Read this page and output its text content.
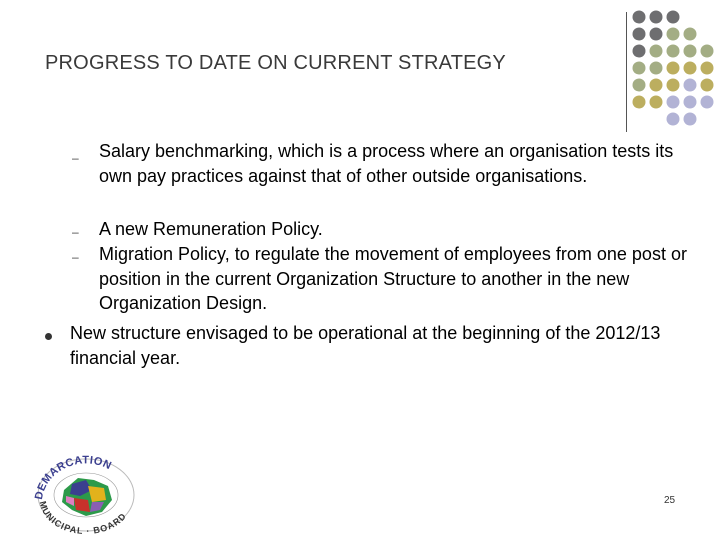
PROGRESS TO DATE ON CURRENT STRATEGY
– Salary benchmarking, which is a process where an organisation tests its own pay practices against that of other outside organisations.
– A new Remuneration Policy.
– Migration Policy, to regulate the movement of employees from one post or position in the current Organization Structure to another in the new Organization Design.
New structure envisaged to be operational at the beginning of the 2012/13 financial year.
DEMARCATION
MUNICIPAL · BOARD
25
